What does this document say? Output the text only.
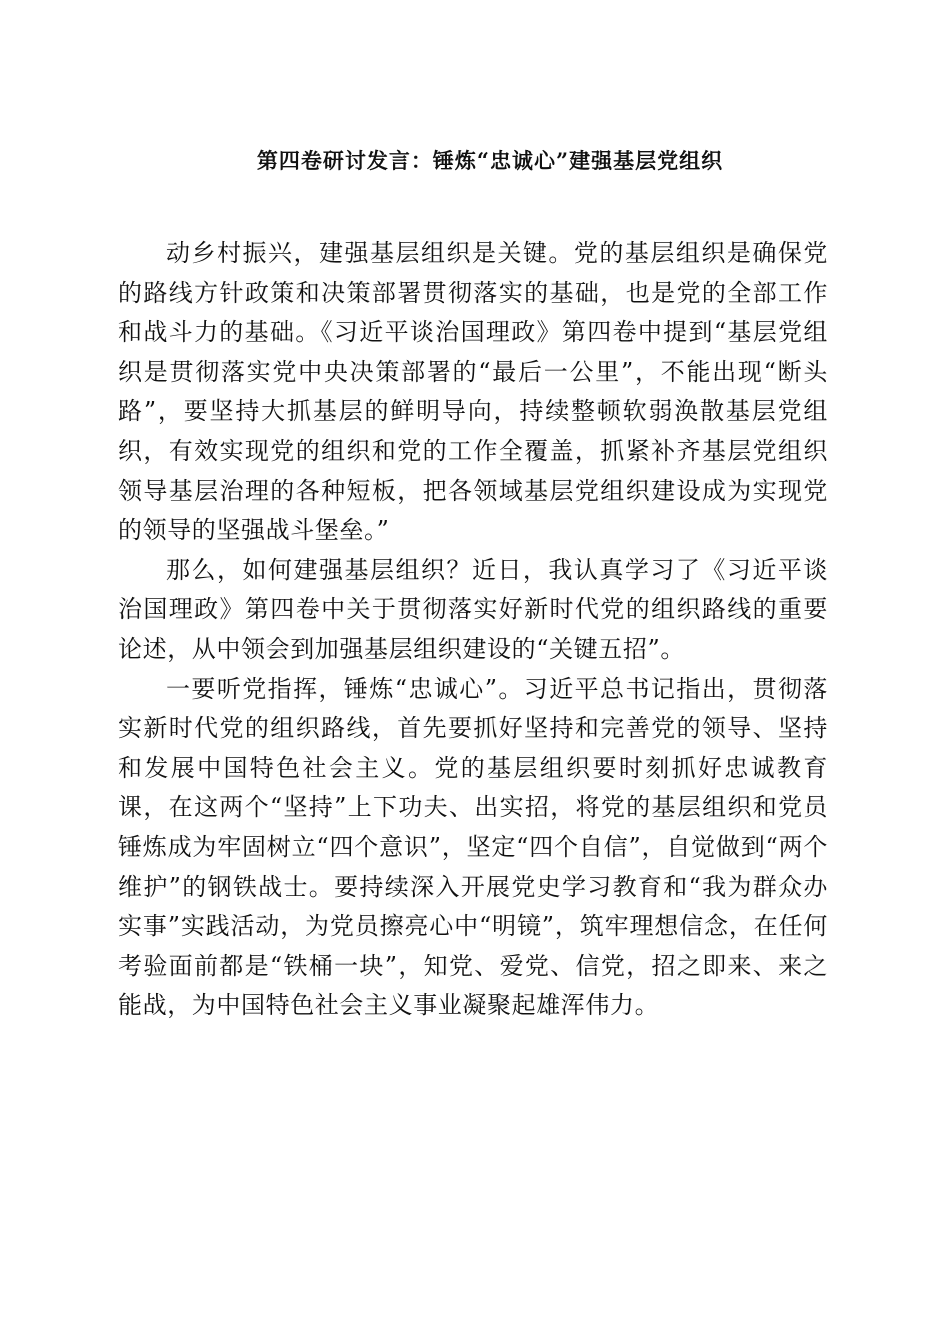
第四卷研讨发言：锤炼“忠诚心”建强基层党组织

动乡村振兴，建强基层组织是关键。党的基层组织是确保党的路线方针政策和决策部署贯彻落实的基础，也是党的全部工作和战斗力的基础。《习近平谈治国理政》第四卷中提到“基层党组织是贯彻落实党中央决策部署的“最后一公里”，不能出现“断头路”，要坚持大抓基层的鲜明导向，持续整顿软弱涣散基层党组织，有效实现党的组织和党的工作全覆盖，抓紧补齐基层党组织领导基层治理的各种短板，把各领域基层党组织建设成为实现党的领导的坚强战斗堡垒。”

那么，如何建强基层组织？近日，我认真学习了《习近平谈治国理政》第四卷中关于贯彻落实好新时代党的组织路线的重要论述，从中领会到加强基层组织建设的“关键五招”。

一要听党指挥，锤炼“忠诚心”。习近平总书记指出，贯彻落实新时代党的组织路线，首先要抓好坚持和完善党的领导、坚持和发展中国特色社会主义。党的基层组织要时刻抓好忠诚教育课，在这两个“坚持”上下功夫、出实招，将党的基层组织和党员锤炼成为牢固树立“四个意识”，坚定“四个自信”，自觉做到“两个维护”的钢铁战士。要持续深入开展党史学习教育和“我为群众办实事”实践活动，为党员擦亮心中“明镜”，筑牢理想信念，在任何考验面前都是“铁桶一块”，知党、爱党、信党，招之即来、来之能战，为中国特色社会主义事业凝聚起雄浑伟力。
